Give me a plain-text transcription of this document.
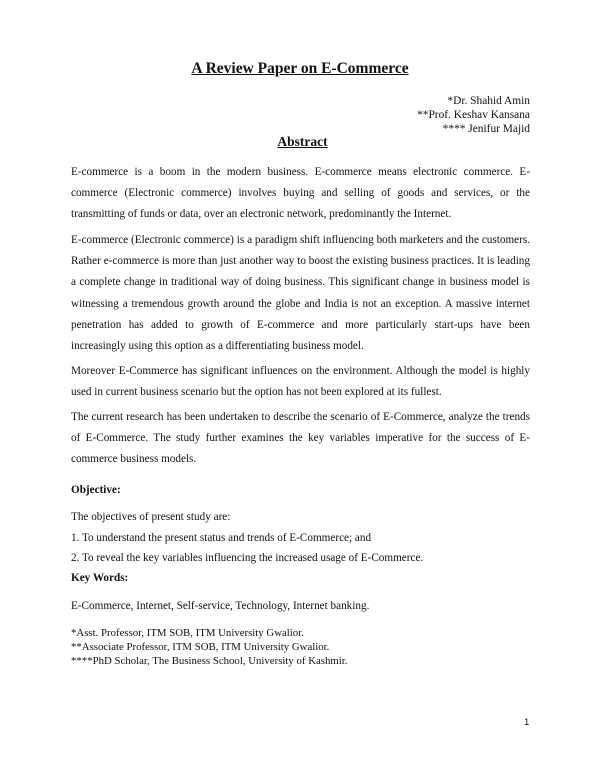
A Review Paper on E-Commerce
*Dr. Shahid Amin
**Prof. Keshav Kansana
**** Jenifur Majid
Abstract

E-commerce is a boom in the modern business. E-commerce means electronic commerce. E-commerce (Electronic commerce) involves buying and selling of goods and services, or the transmitting of funds or data, over an electronic network, predominantly the Internet.

E-commerce (Electronic commerce) is a paradigm shift influencing both marketers and the customers. Rather e-commerce is more than just another way to boost the existing business practices. It is leading a complete change in traditional way of doing business. This significant change in business model is witnessing a tremendous growth around the globe and India is not an exception. A massive internet penetration has added to growth of E-commerce and more particularly start-ups have been increasingly using this option as a differentiating business model.

Moreover E-Commerce has significant influences on the environment. Although the model is highly used in current business scenario but the option has not been explored at its fullest.

The current research has been undertaken to describe the scenario of E-Commerce, analyze the trends of E-Commerce. The study further examines the key variables imperative for the success of E-commerce business models.

Objective:

The objectives of present study are:

1. To understand the present status and trends of E-Commerce; and

2. To reveal the key variables influencing the increased usage of E-Commerce.

Key Words:

E-Commerce, Internet, Self-service, Technology, Internet banking.

*Asst. Professor, ITM SOB, ITM University Gwalior.
**Associate Professor, ITM SOB, ITM University Gwalior.
****PhD Scholar, The Business School, University of Kashmir.
1
